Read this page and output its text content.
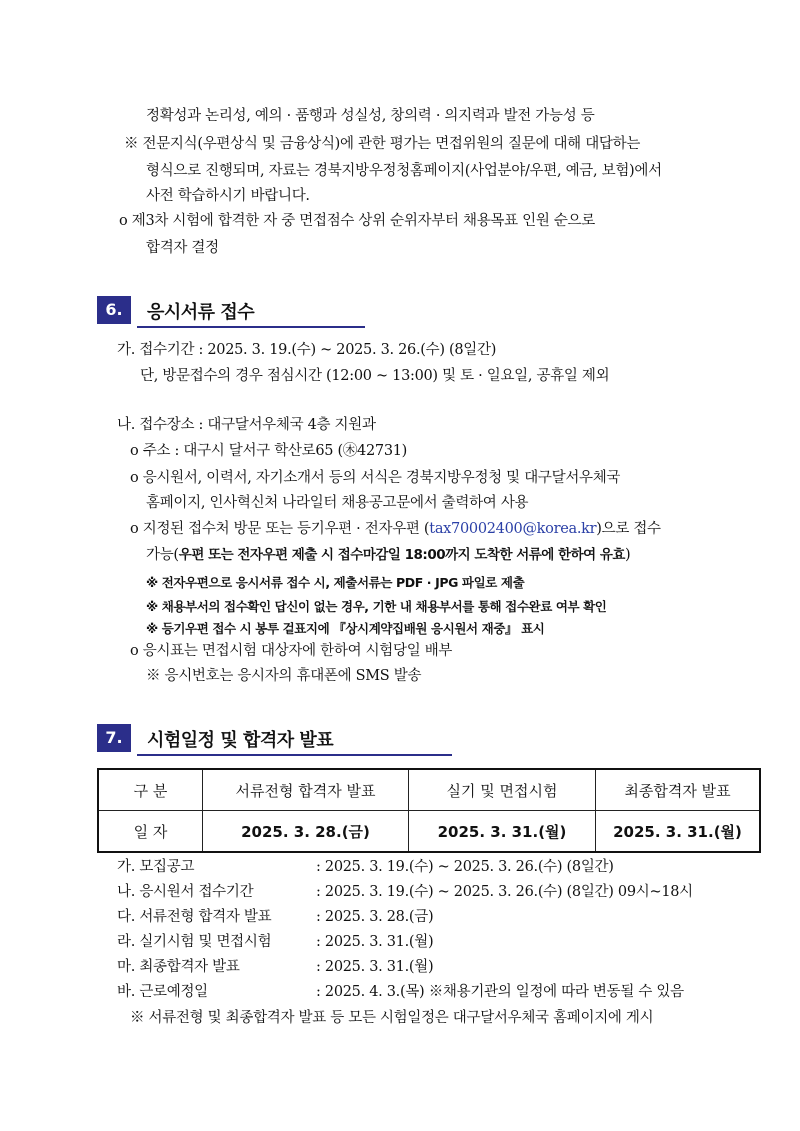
정확성과 논리성, 예의 · 품행과 성실성, 창의력 · 의지력과 발전 가능성 등
※ 전문지식(우편상식 및 금융상식)에 관한 평가는 면접위원의 질문에 대해 대답하는
형식으로 진행되며, 자료는 경북지방우정청홈페이지(사업분야/우편, 예금, 보험)에서
사전 학습하시기 바랍니다.
o 제3차 시험에 합격한 자 중 면접점수 상위 순위자부터 채용목표 인원 순으로
합격자 결정
6.	응시서류 접수
가. 접수기간 : 2025. 3. 19.(수) ~ 2025. 3. 26.(수) (8일간)
단, 방문접수의 경우 점심시간 (12:00 ~ 13:00) 및 토 · 일요일, 공휴일 제외
나. 접수장소 : 대구달서우체국 4층 지원과
o 주소 : 대구시 달서구 학산로65 (㊍42731)
o 응시원서, 이력서, 자기소개서 등의 서식은 경북지방우정청 및 대구달서우체국
홈페이지, 인사혁신처 나라일터 채용공고문에서 출력하여 사용
o 지정된 접수처 방문 또는 등기우편 · 전자우편 (tax70002400@korea.kr)으로 접수
가능(우편 또는 전자우편 제출 시 접수마감일 18:00까지 도착한 서류에 한하여 유효)
※ 전자우편으로 응시서류 접수 시, 제출서류는 PDF · JPG 파일로 제출
※ 채용부서의 접수확인 답신이 없는 경우, 기한 내 채용부서를 통해 접수완료 여부 확인
※ 등기우편 접수 시 봉투 겉표지에 『상시계약집배원 응시원서 재중』 표시
o 응시표는 면접시험 대상자에 한하여 시험당일 배부
※ 응시번호는 응시자의 휴대폰에 SMS 발송
7.	시험일정 및 합격자 발표
구 분	서류전형 합격자 발표	실기 및 면접시험	최종합격자 발표
일 자	2025. 3. 28.(금)	2025. 3. 31.(월)	2025. 3. 31.(월)
가. 모집공고	: 2025. 3. 19.(수) ~ 2025. 3. 26.(수) (8일간)
나. 응시원서 접수기간	: 2025. 3. 19.(수) ~ 2025. 3. 26.(수) (8일간) 09시~18시
다. 서류전형 합격자 발표	: 2025. 3. 28.(금)
라. 실기시험 및 면접시험	: 2025. 3. 31.(월)
마. 최종합격자 발표	: 2025. 3. 31.(월)
바. 근로예정일	: 2025. 4. 3.(목) ※채용기관의 일정에 따라 변동될 수 있음
※ 서류전형 및 최종합격자 발표 등 모든 시험일정은 대구달서우체국 홈페이지에 게시
